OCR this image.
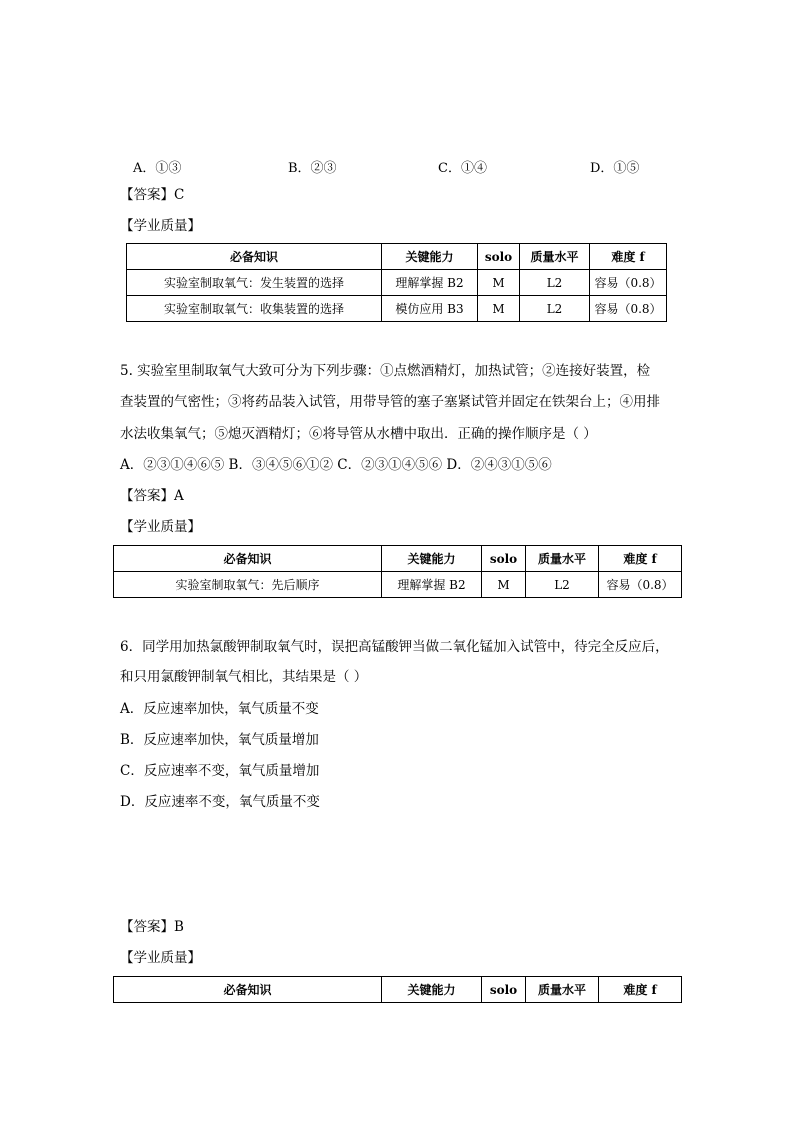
A．①③	B．②③	C．①④	D．①⑤
【答案】C
【学业质量】
必备知识	关键能力	solo	质量水平	难度 f
实验室制取氧气：发生装置的选择	理解掌握 B2	M	L2	容易（0.8）
实验室制取氧气：收集装置的选择	模仿应用 B3	M	L2	容易（0.8）
5. 实验室里制取氧气大致可分为下列步骤：①点燃酒精灯，加热试管；②连接好装置，检
查装置的气密性；③将药品装入试管，用带导管的塞子塞紧试管并固定在铁架台上；④用排
水法收集氧气；⑤熄灭酒精灯；⑥将导管从水槽中取出．正确的操作顺序是（ ）
A．②③①④⑥⑤ B．③④⑤⑥①② C．②③①④⑤⑥ D．②④③①⑤⑥
【答案】A
【学业质量】
必备知识	关键能力	solo	质量水平	难度 f
实验室制取氧气：先后顺序	理解掌握 B2	M	L2	容易（0.8）
6．同学用加热氯酸钾制取氧气时，误把高锰酸钾当做二氧化锰加入试管中，待完全反应后，
和只用氯酸钾制氧气相比，其结果是（ ）
A．反应速率加快，氧气质量不变
B．反应速率加快，氧气质量增加
C．反应速率不变，氧气质量增加
D．反应速率不变，氧气质量不变
【答案】B
【学业质量】
必备知识	关键能力	solo	质量水平	难度 f
